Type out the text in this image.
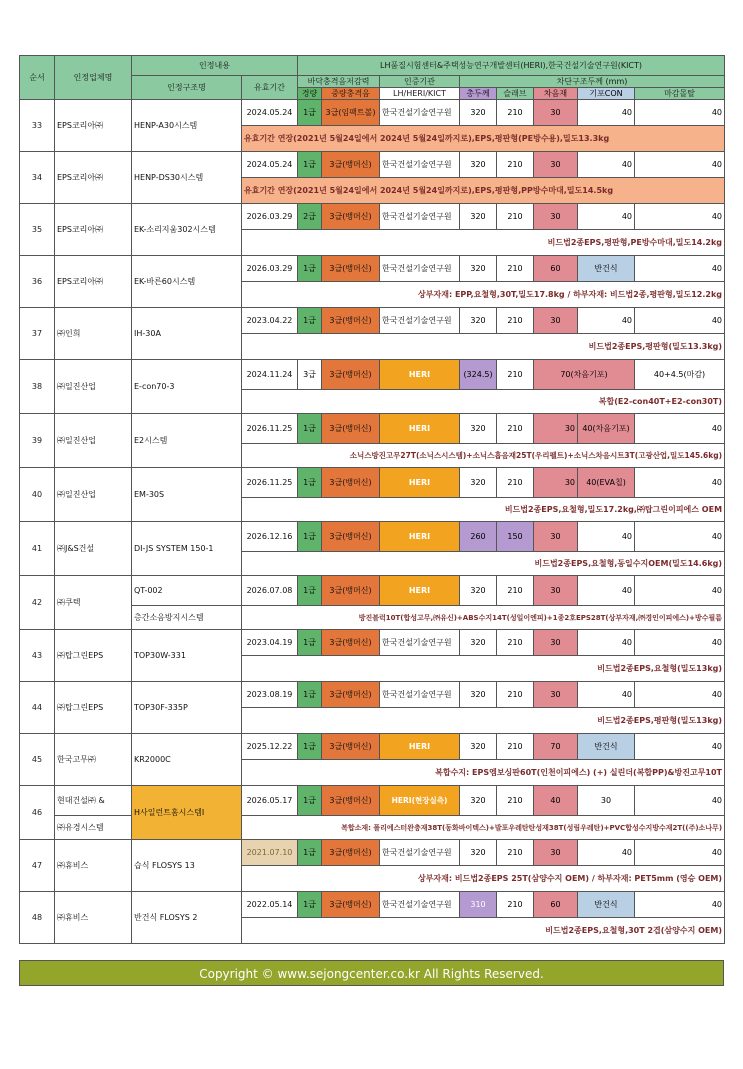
순서	인정업체명	인정내용		LH품질시험센터&주택성능연구개발센터(HERI),한국건설기술연구원(KICT)							
		인정구조명	유효기간	바닥충격음저감력		인증기관	차단구조두께 (mm)				
				경량	중량충격음	LH/HERI/KICT	총두께	슬래브	차음재	기포CON	마감몰탈
33	EPS코리아㈜	HENP-A30시스템	2024.05.24	1급	3급(임팩트볼)	한국건설기술연구원	320	210	30	40	40
			유효기간 연장(2021년 5월24일에서 2024년 5월24일까지로),EPS,평판형(PE방수용),밀도13.3kg								
34	EPS코리아㈜	HENP-DS30시스템	2024.05.24	1급	3급(뱅머신)	한국건설기술연구원	320	210	30	40	40
			유효기간 연장(2021년 5월24일에서 2024년 5월24일까지로),EPS,평판형,PP방수마대,밀도14.5kg								
35	EPS코리아㈜	EK-소리지움302시스템	2026.03.29	2급	3급(뱅머신)	한국건설기술연구원	320	210	30	40	40
			비드법2종EPS,평판형,PE방수마대,밀도14.2kg								
36	EPS코리아㈜	EK-바른60시스템	2026.03.29	1급	3급(뱅머신)	한국건설기술연구원	320	210	60	반건식	40
			상부자재: EPP,요철형,30T,밀도17.8kg / 하부자재: 비드법2종,평판형,밀도12.2kg								
37	㈜인희	IH-30A	2023.04.22	1급	3급(뱅머신)	한국건설기술연구원	320	210	30	40	40
			비드법2종EPS,평판형(밀도13.3kg)								
38	㈜일진산업	E-con70-3	2024.11.24	3급	3급(뱅머신)	HERI	(324.5)	210	70(차음기포)		40+4.5(마감)
			복합(E2-con40T+E2-con30T)								
39	㈜일진산업	E2시스템	2026.11.25	1급	3급(뱅머신)	HERI	320	210	30	40(차음기포)	40
			소닉스방진고무27T(소닉스시스템)+소닉스흡음재25T(우리펠트)+소닉스차음시트3T(고광산업,밀도145.6kg)								
40	㈜일진산업	EM-30S	2026.11.25	1급	3급(뱅머신)	HERI	320	210	30	40(EVA칩)	40
			비드법2종EPS,요철형,밀도17.2kg,㈜탑그린이피에스 OEM								
41	㈜J&S건설	DI-JS SYSTEM 150-1	2026.12.16	1급	3급(뱅머신)	HERI	260	150	30	40	40
			비드법2종EPS,요철형,동일수지OEM(밀도14.6kg)								
42	㈜쿠텍	QT-002	2026.07.08	1급	3급(뱅머신)	HERI	320	210	30	40	40
		층간소음방지시스템	방진블럭10T(합성고무,㈜유신)+ABS수지14T(성일이엔피)+1종2호EPS28T(상부자재,㈜경인이피에스)+방수필름								
43	㈜탑그린EPS	TOP30W-331	2023.04.19	1급	3급(뱅머신)	한국건설기술연구원	320	210	30	40	40
			비드법2종EPS,요철형(밀도13kg)								
44	㈜탑그린EPS	TOP30F-335P	2023.08.19	1급	3급(뱅머신)	한국건설기술연구원	320	210	30	40	40
			비드법2종EPS,평판형(밀도13kg)								
45	한국고무㈜	KR2000C	2025.12.22	1급	3급(뱅머신)	HERI	320	210	70	반건식	40
			복합수지: EPS엠보싱판60T(인천이피에스) (+) 실린더(복합PP)&방진고무10T								
46	현대건설㈜ &	H사일런트홈시스템I	2026.05.17	1급	3급(뱅머신)	HERI(현장실측)	320	210	40	30	40
	㈜유경시스템		복합소재: 폴리에스터완충재38T(동화바이텍스)+발포우레탄탄성재38T(성림우레탄)+PVC합성수지방수재2T((주)소나무)								
47	㈜휴비스	습식 FLOSYS 13	2021.07.10	1급	3급(뱅머신)	한국건설기술연구원	320	210	30	40	40
			상부자재: 비드법2종EPS 25T(삼양수지 OEM) / 하부자재: PET5mm (영승 OEM)								
48	㈜휴비스	반건식 FLOSYS 2	2022.05.14	1급	3급(뱅머신)	한국건설기술연구원	310	210	60	반건식	40
			비드법2종EPS,요철형,30T 2겹(삼양수지 OEM)								
Copyright © www.sejongcenter.co.kr All Rights Reserved.
